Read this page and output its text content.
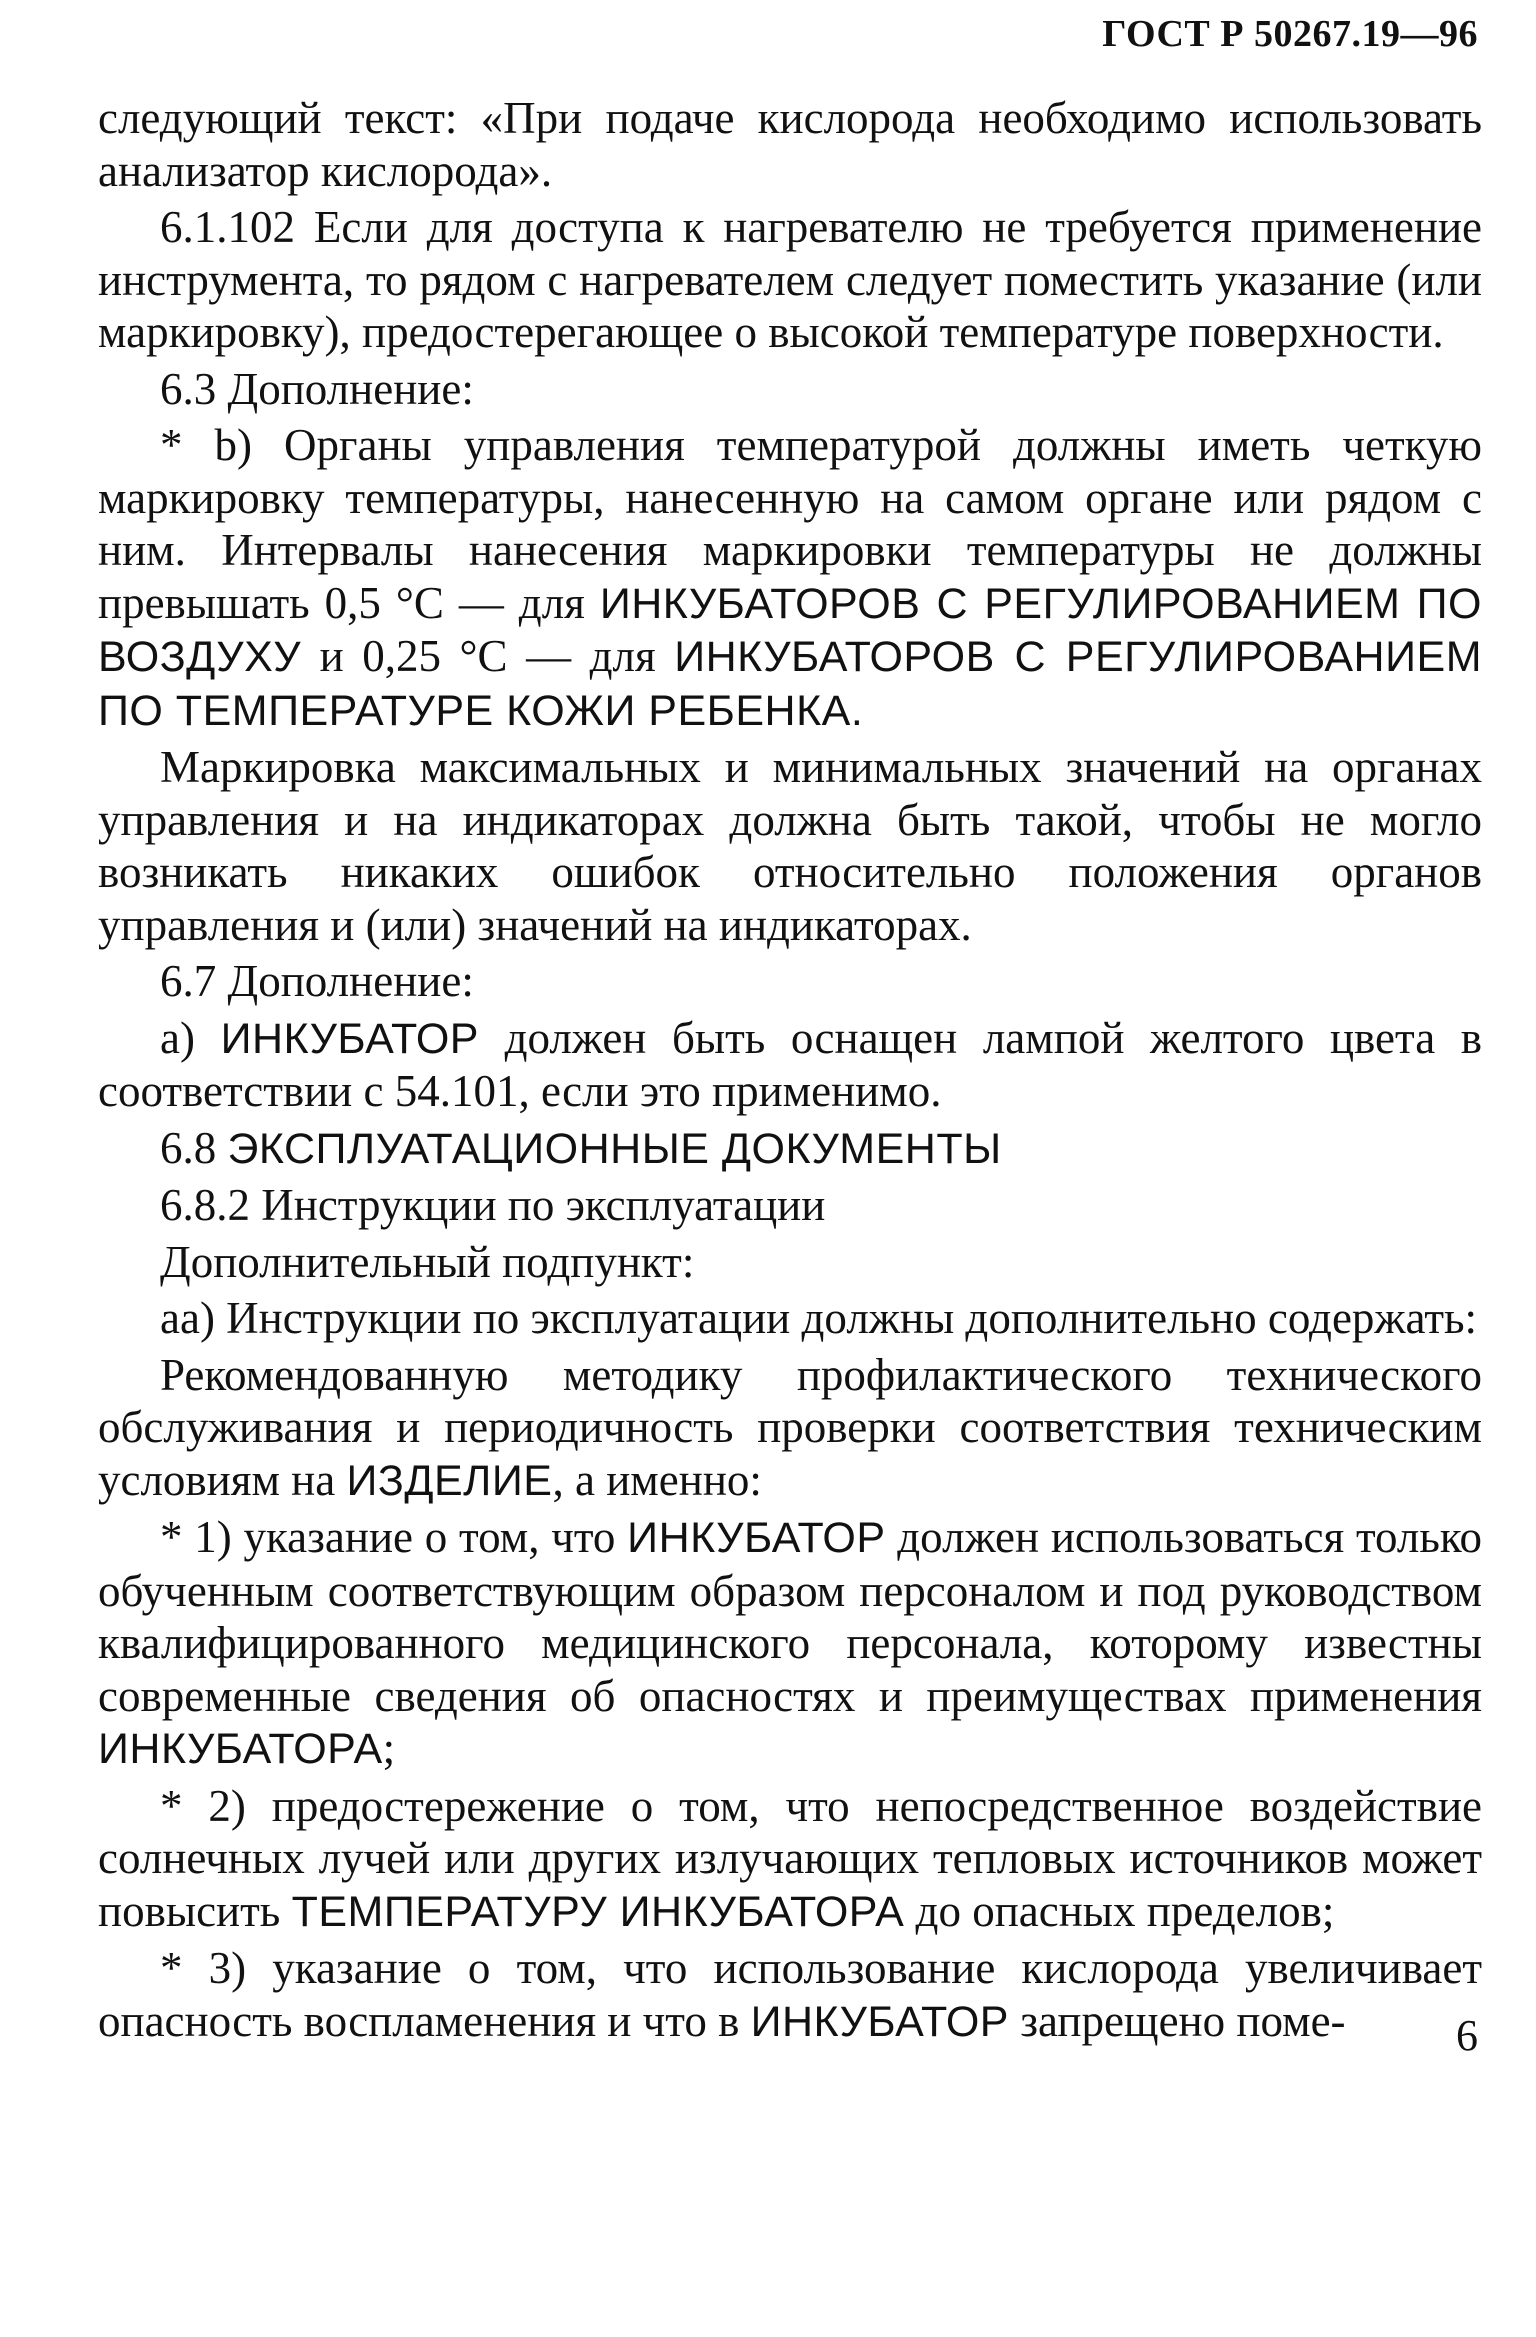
ГОСТ Р 50267.19—96

следующий текст: «При подаче кислорода необходимо использовать анализатор кислорода».

6.1.102 Если для доступа к нагревателю не требуется применение инструмента, то рядом с нагревателем следует поместить указание (или маркировку), предостерегающее о высокой температуре поверхности.

6.3 Дополнение:

* b) Органы управления температурой должны иметь четкую маркировку температуры, нанесенную на самом органе или рядом с ним. Интервалы нанесения маркировки температуры не должны превышать 0,5 °С — для ИНКУБАТОРОВ С РЕГУЛИРОВАНИЕМ ПО ВОЗДУХУ и 0,25 °С — для ИНКУБАТОРОВ С РЕГУЛИРОВАНИЕМ ПО ТЕМПЕРАТУРЕ КОЖИ РЕБЕНКА.

Маркировка максимальных и минимальных значений на органах управления и на индикаторах должна быть такой, чтобы не могло возникать никаких ошибок относительно положения органов управления и (или) значений на индикаторах.

6.7 Дополнение:

а) ИНКУБАТОР должен быть оснащен лампой желтого цвета в соответствии с 54.101, если это применимо.

6.8 ЭКСПЛУАТАЦИОННЫЕ ДОКУМЕНТЫ

6.8.2 Инструкции по эксплуатации

Дополнительный подпункт:

аа) Инструкции по эксплуатации должны дополнительно содержать:

Рекомендованную методику профилактического технического обслуживания и периодичность проверки соответствия техническим условиям на ИЗДЕЛИЕ, а именно:

* 1) указание о том, что ИНКУБАТОР должен использоваться только обученным соответствующим образом персоналом и под руководством квалифицированного медицинского персонала, которому известны современные сведения об опасностях и преимуществах применения ИНКУБАТОРА;

* 2) предостережение о том, что непосредственное воздействие солнечных лучей или других излучающих тепловых источников может повысить ТЕМПЕРАТУРУ ИНКУБАТОРА до опасных пределов;

* 3) указание о том, что использование кислорода увеличивает опасность воспламенения и что в ИНКУБАТОР запрещено поме-	6
